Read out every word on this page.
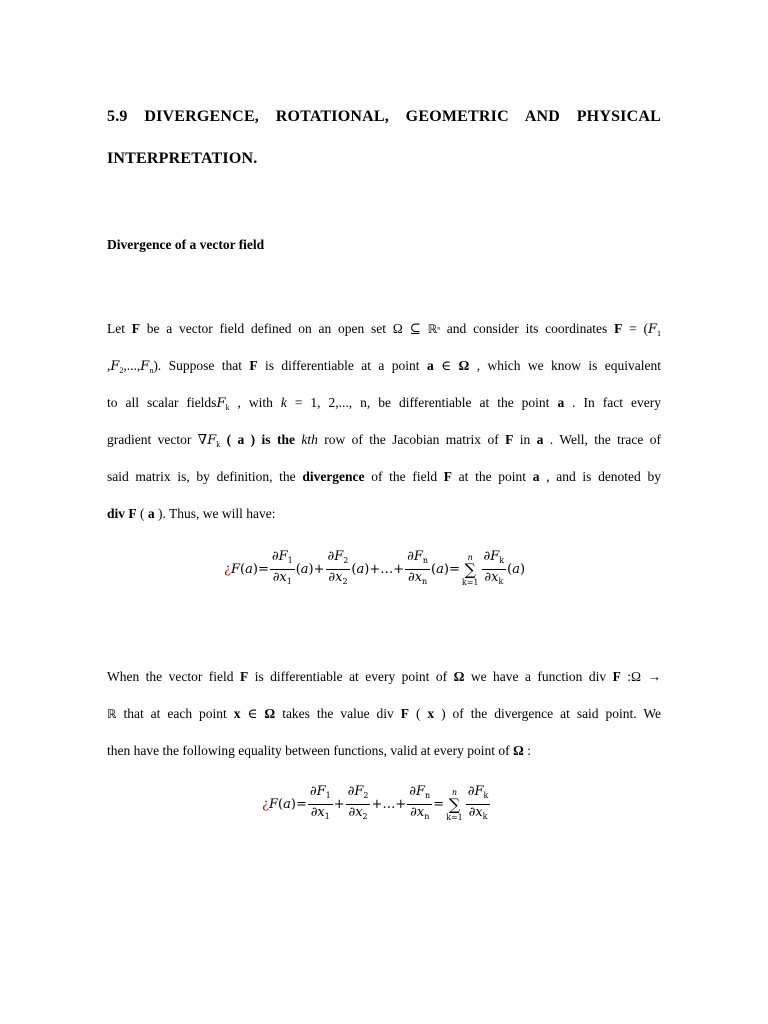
5.9 DIVERGENCE, ROTATIONAL, GEOMETRIC AND PHYSICAL
INTERPRETATION.
Divergence of a vector field
Let F be a vector field defined on an open set Ω ⊆ ℝⁿ and consider its coordinates $F = (F_1$
$,F_2,...,F_n$). Suppose that F is differentiable at a point a ∈ Ω , which we know is equivalent
to all scalar fieldsF$_k$ , with k = 1, 2,..., n, be differentiable at the point a . In fact every
gradient vector $\nabla F_k$ ( a ) is the kth row of the Jacobian matrix of F in a . Well, the trace of
said matrix is, by definition, the divergence of the field F at the point a , and is denoted by
div F ( a ). Thus, we will have:
¿ F ( a ) = $\frac{\partial F_1}{\partial x_1}$ ( a ) + $\frac{\partial F_2}{\partial x_2}$ ( a ) + … + $\frac{\partial F_n}{\partial x_n}$ ( a ) =
n
∑
$k=1 \frac{\partial F_k}{\partial x_k}$ ( a )
When the vector field F is differentiable at every point of Ω we have a function div F :Ω →
ℝ that at each point x ∈ Ω takes the value div F ( x ) of the divergence at said point. We
then have the following equality between functions, valid at every point of Ω :
¿ F ( a ) = $\frac{\partial F_1}{\partial x_1} + \frac{\partial F_2}{\partial x_2}$ + … + $\frac{\partial F_n}{\partial x_n}$ =
n
∑
$k=1 \frac{\partial F_k}{\partial x_k}$
